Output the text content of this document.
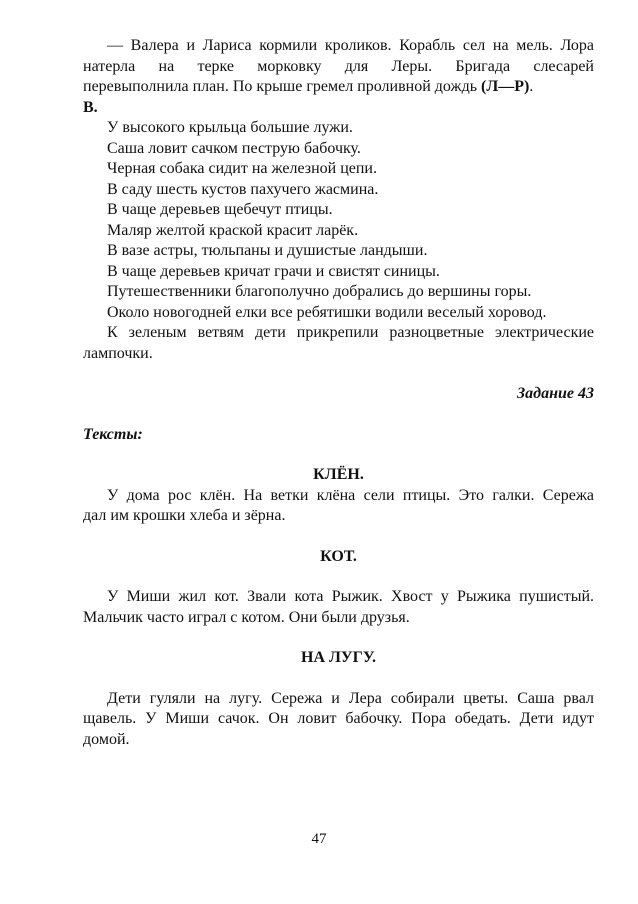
— Валера и Лариса кормили кроликов. Корабль сел на мель. Лора

натерла на терке морковку для Леры. Бригада слесарей

перевыполнила план. По крыше гремел проливной дождь (Л—Р).

В.

У высокого крыльца большие лужи.

Саша ловит сачком пеструю бабочку.

Черная собака сидит на железной цепи.

В саду шесть кустов пахучего жасмина.

В чаще деревьев щебечут птицы.

Маляр желтой краской красит ларёк.

В вазе астры, тюльпаны и душистые ландыши.

В чаще деревьев кричат грачи и свистят синицы.

Путешественники благополучно добрались до вершины горы.

Около новогодней елки все ребятишки водили веселый хоровод.

К зеленым ветвям дети прикрепили разноцветные электрические

лампочки.

Задание 43

Тексты:

КЛЁН.

У дома рос клён. На ветки клёна сели птицы. Это галки. Сережа

дал им крошки хлеба и зёрна.

КОТ.

У Миши жил кот. Звали кота Рыжик. Хвост у Рыжика пушистый.

Мальчик часто играл с котом. Они были друзья.

НА ЛУГУ.

Дети гуляли на лугу. Сережа и Лера собирали цветы. Саша рвал

щавель. У Миши сачок. Он ловит бабочку. Пора обедать. Дети идут

домой.

47
